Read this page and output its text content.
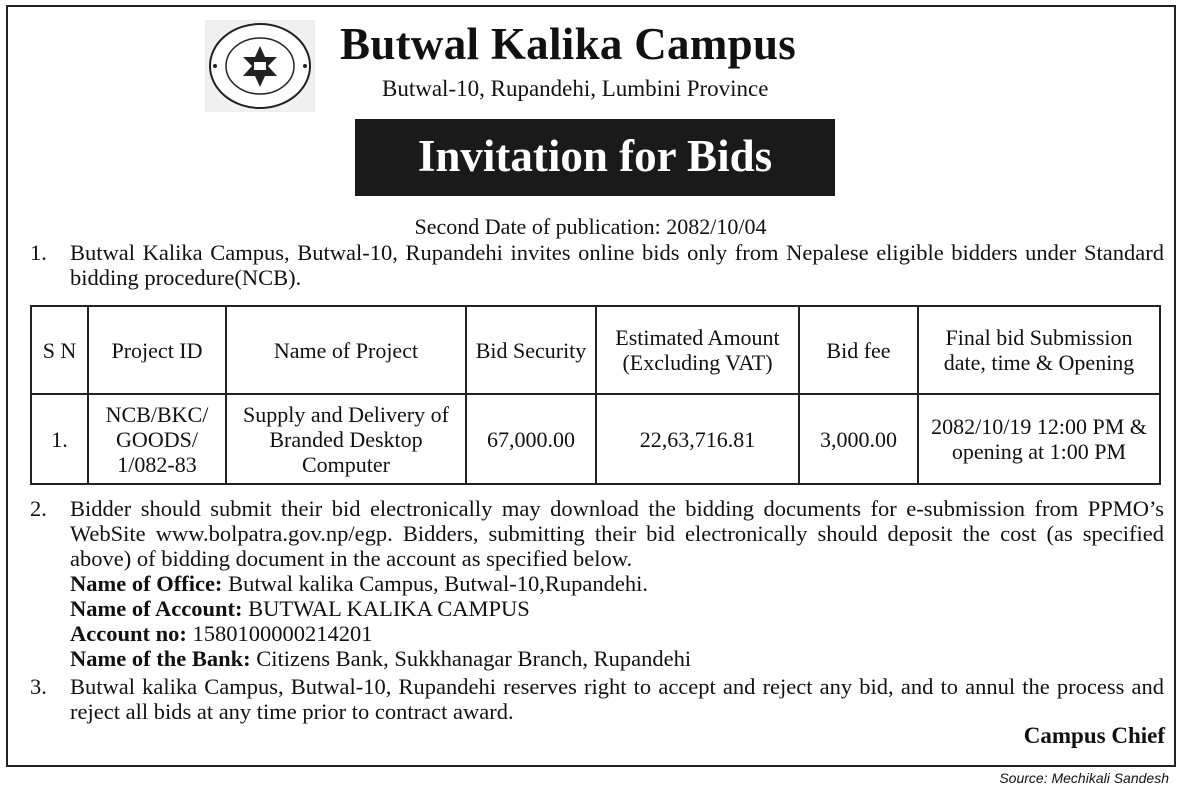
Butwal Kalika Campus
Butwal-10, Rupandehi, Lumbini Province
Invitation for Bids
Second Date of publication: 2082/10/04
1. Butwal Kalika Campus, Butwal-10, Rupandehi invites online bids only from Nepalese eligible bidders under Standard bidding procedure(NCB).
S N	Project ID	Name of Project	Bid Security	Estimated Amount (Excluding VAT)	Bid fee	Final bid Submission date, time & Opening
1.	NCB/BKC/ GOODS/ 1/082-83	Supply and Delivery of Branded Desktop Computer	67,000.00	22,63,716.81	3,000.00	2082/10/19 12:00 PM & opening at 1:00 PM
2. Bidder should submit their bid electronically may download the bidding documents for e-submission from PPMO’s WebSite www.bolpatra.gov.np/egp. Bidders, submitting their bid electronically should deposit the cost (as specified above) of bidding document in the account as specified below.
Name of Office: Butwal kalika Campus, Butwal-10,Rupandehi.
Name of Account: BUTWAL KALIKA CAMPUS
Account no: 1580100000214201
Name of the Bank: Citizens Bank, Sukkhanagar Branch, Rupandehi
3. Butwal kalika Campus, Butwal-10, Rupandehi reserves right to accept and reject any bid, and to annul the process and reject all bids at any time prior to contract award.
Campus Chief
Source: Mechikali Sandesh
